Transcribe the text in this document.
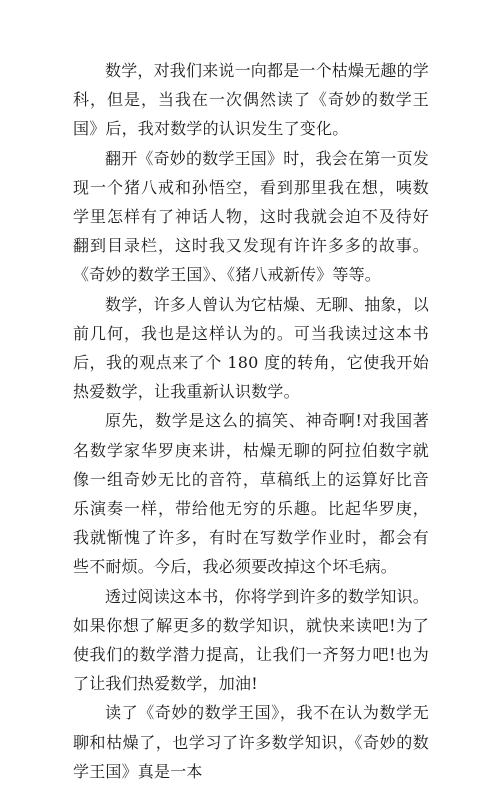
数学，对我们来说一向都是一个枯燥无趣的学科，但是，当我在一次偶然读了《奇妙的数学王国》后，我对数学的认识发生了变化。

翻开《奇妙的数学王国》时，我会在第一页发现一个猪八戒和孙悟空，看到那里我在想，咦数学里怎样有了神话人物，这时我就会迫不及待好翻到目录栏，这时我又发现有许许多多的故事。《奇妙的数学王国》、《猪八戒新传》等等。

数学，许多人曾认为它枯燥、无聊、抽象，以前几何，我也是这样认为的。可当我读过这本书后，我的观点来了个 180 度的转角，它使我开始热爱数学，让我重新认识数学。

原先，数学是这么的搞笑、神奇啊!对我国著名数学家华罗庚来讲，枯燥无聊的阿拉伯数字就像一组奇妙无比的音符，草稿纸上的运算好比音乐演奏一样，带给他无穷的乐趣。比起华罗庚，我就惭愧了许多，有时在写数学作业时，都会有些不耐烦。今后，我必须要改掉这个坏毛病。

透过阅读这本书，你将学到许多的数学知识。如果你想了解更多的数学知识，就快来读吧!为了使我们的数学潜力提高，让我们一齐努力吧!也为了让我们热爱数学，加油!

读了《奇妙的数学王国》，我不在认为数学无聊和枯燥了，也学习了许多数学知识，《奇妙的数学王国》真是一本
